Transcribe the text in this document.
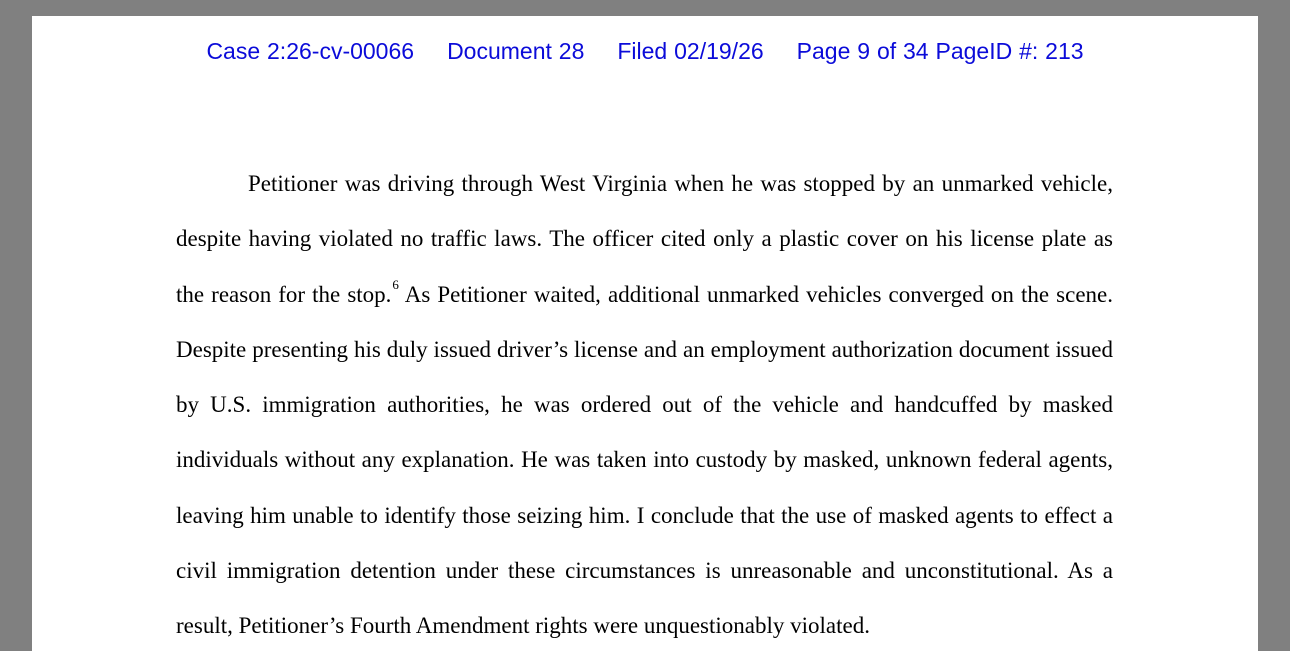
Case 2:26-cv-00066 Document 28 Filed 02/19/26 Page 9 of 34 PageID #: 213

Petitioner was driving through West Virginia when he was stopped by an unmarked vehicle, despite having violated no traffic laws. The officer cited only a plastic cover on his license plate as the reason for the stop.$^6$ As Petitioner waited, additional unmarked vehicles converged on the scene. Despite presenting his duly issued driver’s license and an employment authorization document issued by U.S. immigration authorities, he was ordered out of the vehicle and handcuffed by masked individuals without any explanation. He was taken into custody by masked, unknown federal agents, leaving him unable to identify those seizing him. I conclude that the use of masked agents to effect a civil immigration detention under these circumstances is unreasonable and unconstitutional. As a result, Petitioner’s Fourth Amendment rights were unquestionably violated.
